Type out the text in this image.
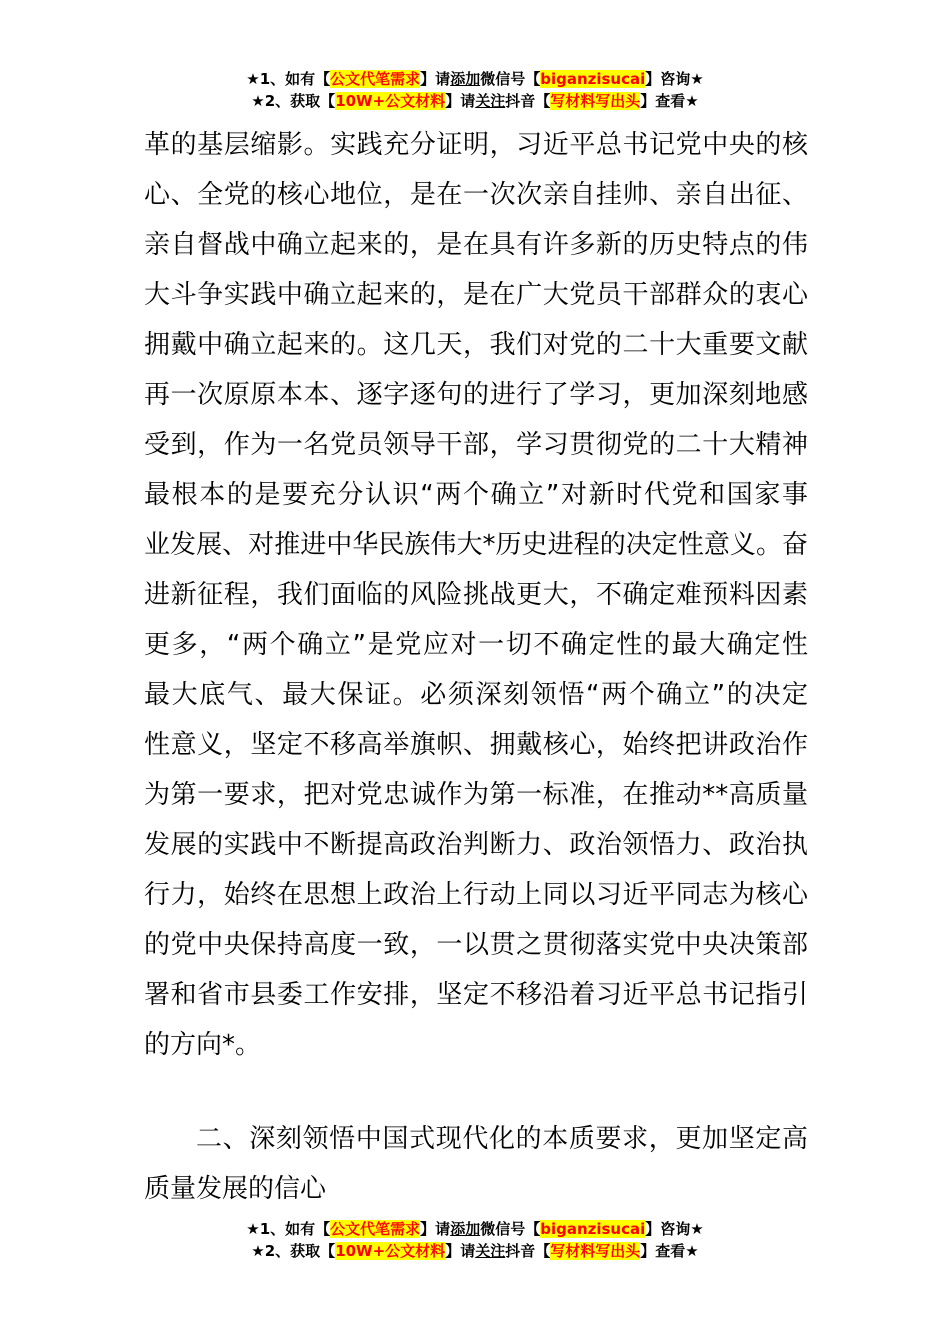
★1、如有【公文代笔需求】请添加微信号【biganzisucai】咨询★
★2、获取【10W+公文材料】请关注抖音【写材料写出头】查看★
革的基层缩影。实践充分证明，习近平总书记党中央的核
心、全党的核心地位，是在一次次亲自挂帅、亲自出征、
亲自督战中确立起来的，是在具有许多新的历史特点的伟
大斗争实践中确立起来的，是在广大党员干部群众的衷心
拥戴中确立起来的。这几天，我们对党的二十大重要文献
再一次原原本本、逐字逐句的进行了学习，更加深刻地感
受到，作为一名党员领导干部，学习贯彻党的二十大精神
最根本的是要充分认识“两个确立”对新时代党和国家事
业发展、对推进中华民族伟大*历史进程的决定性意义。奋
进新征程，我们面临的风险挑战更大，不确定难预料因素
更多，“两个确立”是党应对一切不确定性的最大确定性
最大底气、最大保证。必须深刻领悟“两个确立”的决定
性意义，坚定不移高举旗帜、拥戴核心，始终把讲政治作
为第一要求，把对党忠诚作为第一标准，在推动**高质量
发展的实践中不断提高政治判断力、政治领悟力、政治执
行力，始终在思想上政治上行动上同以习近平同志为核心
的党中央保持高度一致，一以贯之贯彻落实党中央决策部
署和省市县委工作安排，坚定不移沿着习近平总书记指引
的方向*。
二、深刻领悟中国式现代化的本质要求，更加坚定高
质量发展的信心
★1、如有【公文代笔需求】请添加微信号【biganzisucai】咨询★
★2、获取【10W+公文材料】请关注抖音【写材料写出头】查看★
